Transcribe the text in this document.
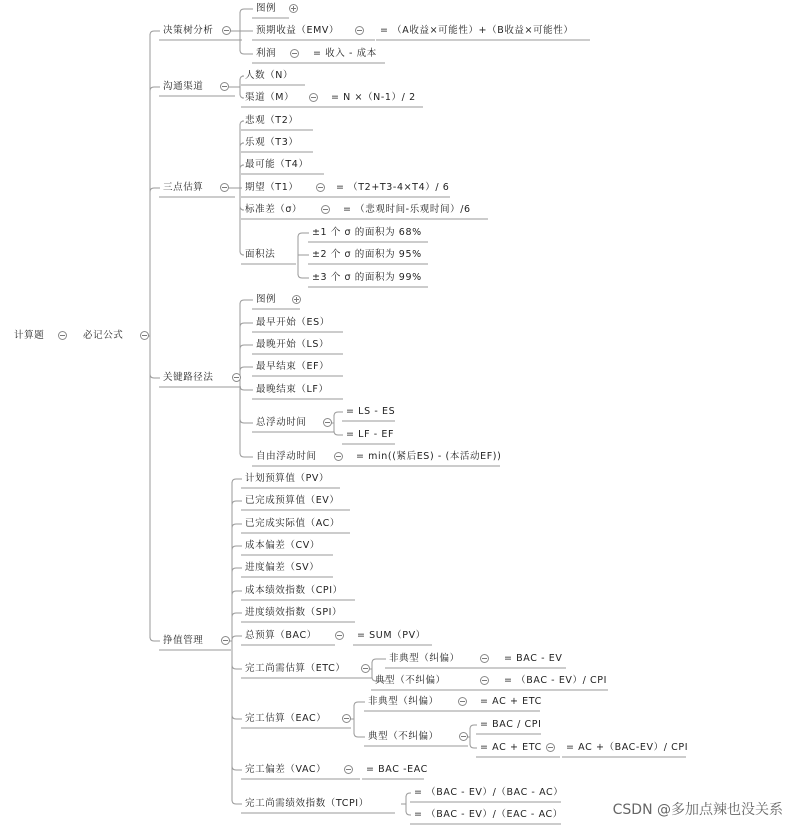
计算题	必记公式
决策树分析
图例
预期收益（EMV）	= （A收益×可能性）+（B收益×可能性）
利润	= 收入 - 成本
沟通渠道
人数（N）
渠道（M）	= N ×（N-1）/ 2
三点估算
悲观（T2）
乐观（T3）
最可能（T4）
期望（T1）	= （T2+T3-4×T4）/ 6
标准差（σ）	= （悲观时间-乐观时间）/6
面积法
±1 个 σ 的面积为 68%
±2 个 σ 的面积为 95%
±3 个 σ 的面积为 99%
关键路径法
图例
最早开始（ES）
最晚开始（LS）
最早结束（EF）
最晚结束（LF）
总浮动时间
= LS - ES
= LF - EF
自由浮动时间	= min((紧后ES) - (本活动EF))
挣值管理
计划预算值（PV）
已完成预算值（EV）
已完成实际值（AC）
成本偏差（CV）
进度偏差（SV）
成本绩效指数（CPI）
进度绩效指数（SPI）
总预算（BAC）	= SUM（PV）
完工尚需估算（ETC）
非典型（纠偏）	= BAC - EV
典型（不纠偏）	= （BAC - EV）/ CPI
完工估算（EAC）
非典型（纠偏）	= AC + ETC
典型（不纠偏）
= BAC / CPI
= AC + ETC	= AC +（BAC-EV）/ CPI
完工偏差（VAC）	= BAC -EAC
完工尚需绩效指数（TCPI）
= （BAC - EV）/（BAC - AC）
= （BAC - EV）/（EAC - AC）	CSDN @多加点辣也没关系
